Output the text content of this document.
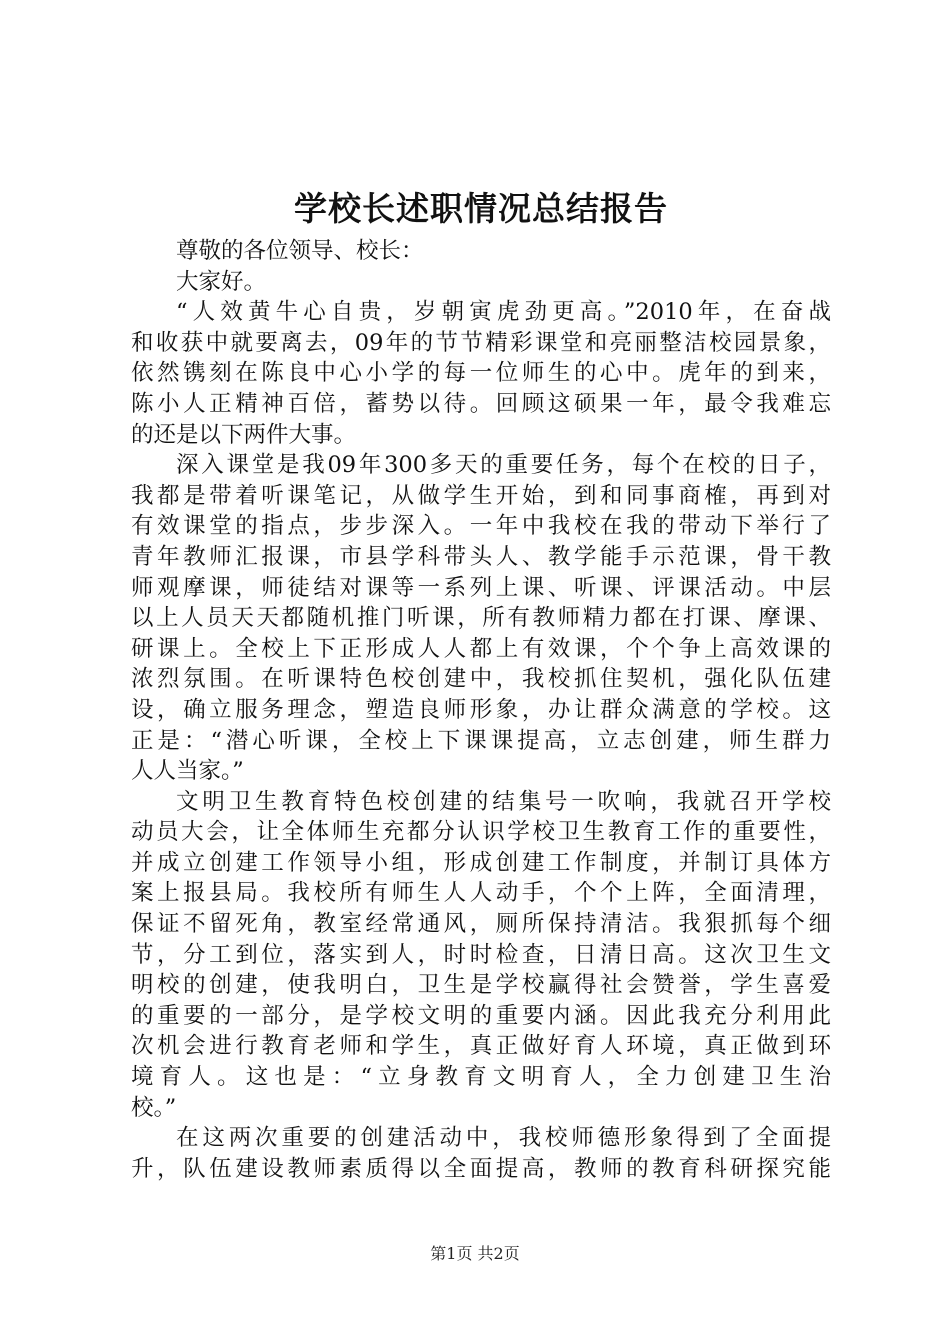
学校长述职情况总结报告

尊敬的各位领导、校长：

大家好。

“人效黄牛心自贵，岁朝寅虎劲更高。”2010年，在奋战

和收获中就要离去，09年的节节精彩课堂和亮丽整洁校园景象，

依然镌刻在陈良中心小学的每一位师生的心中。虎年的到来，

陈小人正精神百倍，蓄势以待。回顾这硕果一年，最令我难忘

的还是以下两件大事。

深入课堂是我09年300多天的重要任务，每个在校的日子，

我都是带着听课笔记，从做学生开始，到和同事商榷，再到对

有效课堂的指点，步步深入。一年中我校在我的带动下举行了

青年教师汇报课，市县学科带头人、教学能手示范课，骨干教

师观摩课，师徒结对课等一系列上课、听课、评课活动。中层

以上人员天天都随机推门听课，所有教师精力都在打课、摩课、

研课上。全校上下正形成人人都上有效课，个个争上高效课的

浓烈氛围。在听课特色校创建中，我校抓住契机，强化队伍建

设，确立服务理念，塑造良师形象，办让群众满意的学校。这

正是：“潜心听课，全校上下课课提高，立志创建，师生群力

人人当家。”

文明卫生教育特色校创建的结集号一吹响，我就召开学校

动员大会，让全体师生充都分认识学校卫生教育工作的重要性，

并成立创建工作领导小组，形成创建工作制度，并制订具体方

案上报县局。我校所有师生人人动手，个个上阵，全面清理，

保证不留死角，教室经常通风，厕所保持清洁。我狠抓每个细

节，分工到位，落实到人，时时检查，日清日高。这次卫生文

明校的创建，使我明白，卫生是学校赢得社会赞誉，学生喜爱

的重要的一部分，是学校文明的重要内涵。因此我充分利用此

次机会进行教育老师和学生，真正做好育人环境，真正做到环

境育人。这也是：“立身教育文明育人，全力创建卫生治

校。”

在这两次重要的创建活动中，我校师德形象得到了全面提

升，队伍建设教师素质得以全面提高，教师的教育科研探究能

第1页 共2页
